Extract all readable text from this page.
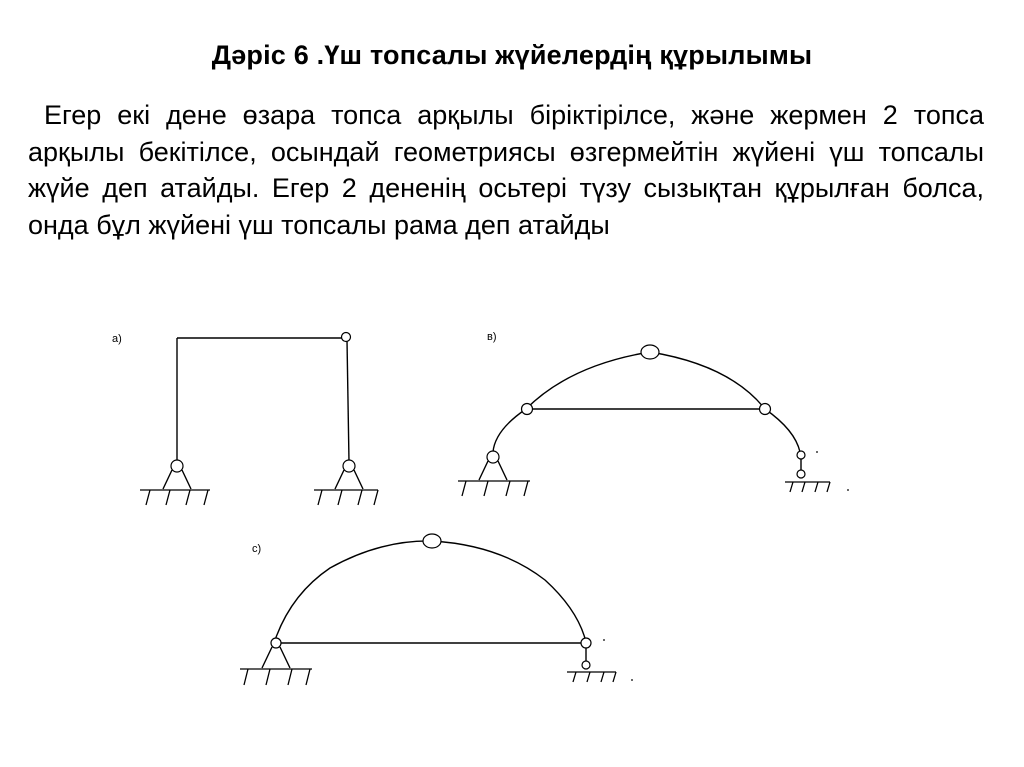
Дәріс 6 .Үш топсалы жүйелердің құрылымы

Егер екі дене өзара топса арқылы біріктірілсе, және жермен 2 топса арқылы бекітілсе, осындай геометриясы өзгермейтін жүйені үш топсалы жүйе деп атайды. Егер 2 дененің осьтері түзу сызықтан құрылған болса, онда бұл жүйені үш топсалы рама деп атайды

а)	в)
с)
